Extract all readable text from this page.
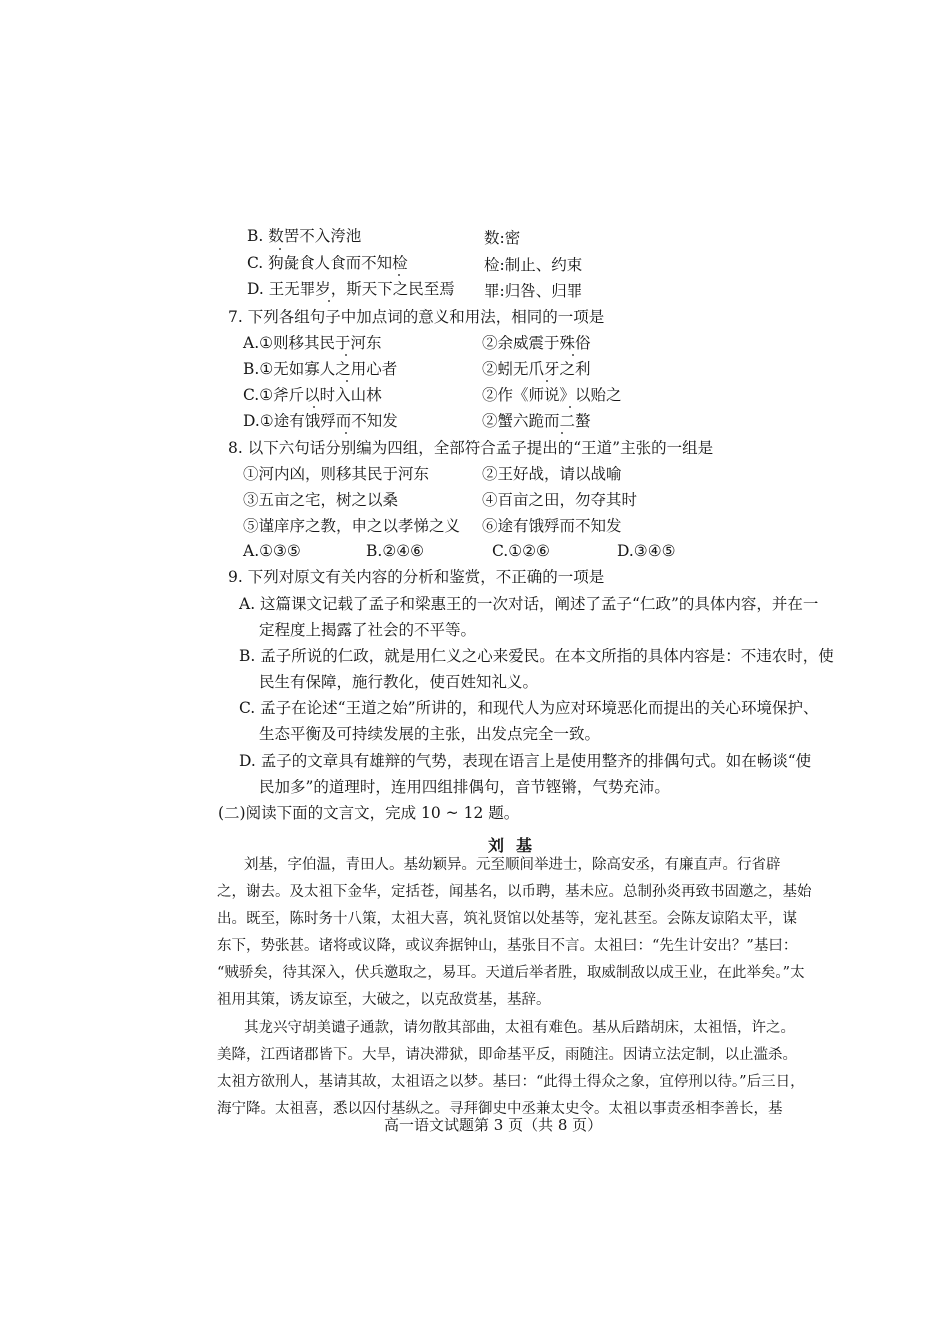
B. 数罟不入洿池	数:密
C. 狗彘食人食而不知检	检:制止、约束
D. 王无罪岁，斯天下之民至焉 罪:归咎、归罪
7. 下列各组句子中加点词的意义和用法，相同的一项是
A.①则移其民于河东	②余威震于殊俗
B.①无如寡人之用心者	②蚓无爪牙之利
C.①斧斤以时入山林	②作《师说》以贻之
D.①途有饿殍而不知发	②蟹六跪而二螯
8. 以下六句话分别编为四组，全部符合孟子提出的“王道”主张的一组是
①河内凶，则移其民于河东	②王好战，请以战喻
③五亩之宅，树之以桑	④百亩之田，勿夺其时
⑤谨庠序之教，申之以孝悌之义 ⑥途有饿殍而不知发
A.①③⑤	B.②④⑥	C.①②⑥	D.③④⑤
9. 下列对原文有关内容的分析和鉴赏，不正确的一项是
A. 这篇课文记载了孟子和梁惠王的一次对话，阐述了孟子“仁政”的具体内容，并在一
定程度上揭露了社会的不平等。
B. 孟子所说的仁政，就是用仁义之心来爱民。在本文所指的具体内容是：不违农时，使
民生有保障，施行教化，使百姓知礼义。
C. 孟子在论述“王道之始”所讲的，和现代人为应对环境恶化而提出的关心环境保护、
生态平衡及可持续发展的主张，出发点完全一致。
D. 孟子的文章具有雄辩的气势，表现在语言上是使用整齐的排偶句式。如在畅谈“使
民加多”的道理时，连用四组排偶句，音节铿锵，气势充沛。
(二)阅读下面的文言文，完成 10 ~ 12 题。
刘基
刘基，字伯温，青田人。基幼颖异。元至顺间举进士，除高安丞，有廉直声。行省辟
之，谢去。及太祖下金华，定括苍，闻基名，以币聘，基未应。总制孙炎再致书固邀之，基始
出。既至，陈时务十八策，太祖大喜，筑礼贤馆以处基等，宠礼甚至。会陈友谅陷太平，谋
东下，势张甚。诸将或议降，或议奔据钟山，基张目不言。太祖曰：“先生计安出？”基曰：
“贼骄矣，待其深入，伏兵邀取之，易耳。天道后举者胜，取威制敌以成王业，在此举矣。”太
祖用其策，诱友谅至，大破之，以克敌赏基，基辞。
其龙兴守胡美谴子通款，请勿散其部曲，太祖有难色。基从后踏胡床，太祖悟，许之。
美降，江西诸郡皆下。大旱，请决滞狱，即命基平反，雨随注。因请立法定制，以止滥杀。
太祖方欲刑人，基请其故，太祖语之以梦。基曰：“此得土得众之象，宜停刑以待。”后三日，
海宁降。太祖喜，悉以囚付基纵之。寻拜御史中丞兼太史令。太祖以事责丞相李善长，基
高一语文试题第 3 页（共 8 页）
